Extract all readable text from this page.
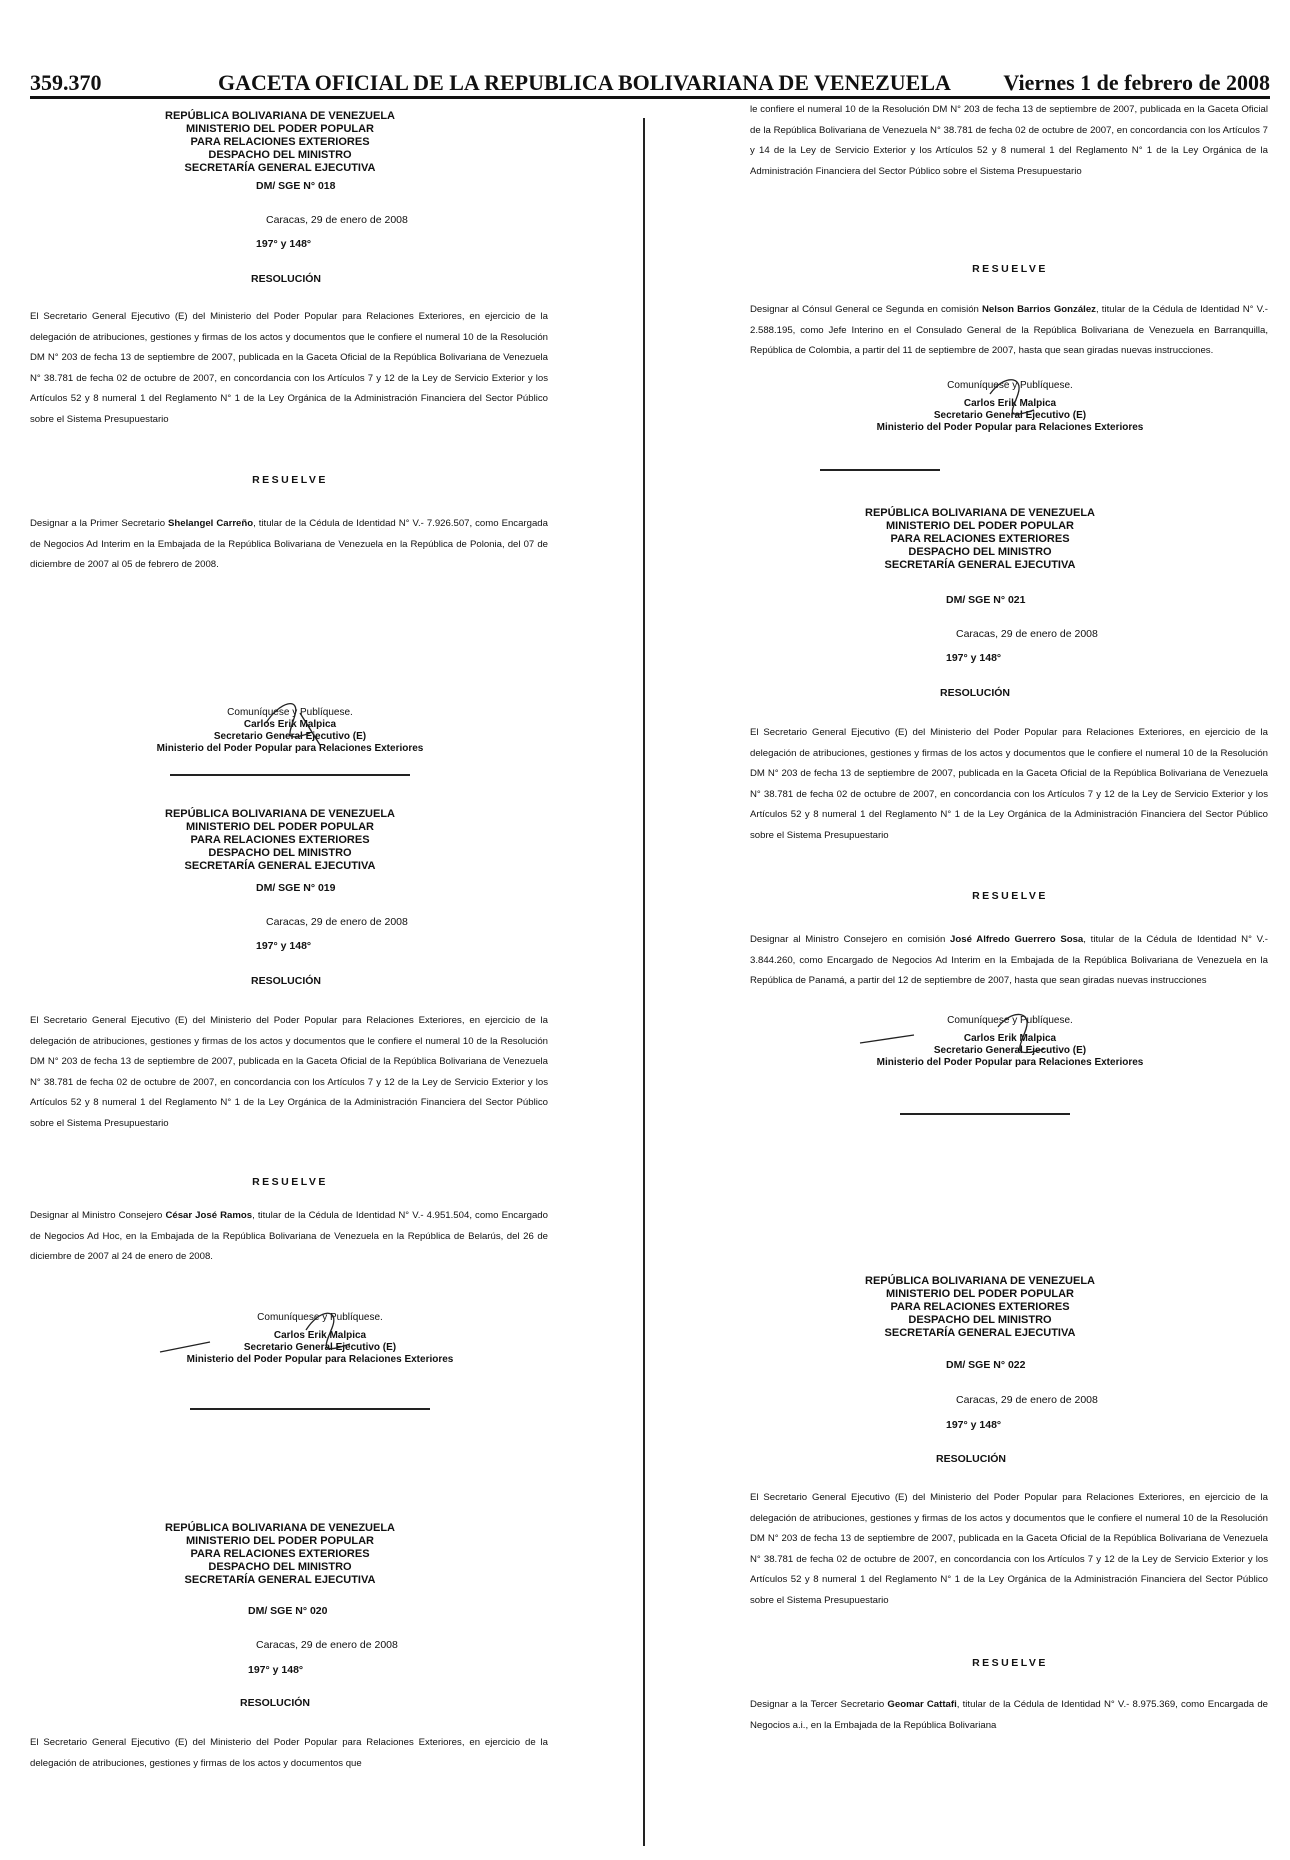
359.370	GACETA OFICIAL DE LA REPUBLICA BOLIVARIANA DE VENEZUELA Viernes 1 de febrero de 2008

REPÚBLICA BOLIVARIANA DE VENEZUELA

MINISTERIO DEL PODER POPULAR

PARA RELACIONES EXTERIORES

DESPACHO DEL MINISTRO

SECRETARÍA GENERAL EJECUTIVA

DM/ SGE N° 018

Caracas, 29 de enero de 2008

197° y 148°

RESOLUCIÓN

El Secretario General Ejecutivo (E) del Ministerio del Poder Popular para Relaciones Exteriores, en ejercicio de la delegación de atribuciones, gestiones y firmas de los actos y documentos que le confiere el numeral 10 de la Resolución DM N° 203 de fecha 13 de septiembre de 2007, publicada en la Gaceta Oficial de la República Bolivariana de Venezuela N° 38.781 de fecha 02 de octubre de 2007, en concordancia con los Artículos 7 y 12 de la Ley de Servicio Exterior y los Artículos 52 y 8 numeral 1 del Reglamento N° 1 de la Ley Orgánica de la Administración Financiera del Sector Público sobre el Sistema Presupuestario

RESUELVE

Designar a la Primer Secretario Shelangel Carreño, titular de la Cédula de Identidad N° V.- 7.926.507, como Encargada de Negocios Ad Interim en la Embajada de la República Bolivariana de Venezuela en la República de Polonia, del 07 de diciembre de 2007 al 05 de febrero de 2008.

Comuníquese y Publíquese.

Carlos Erik Malpica

Secretario General Ejecutivo (E)

Ministerio del Poder Popular para Relaciones Exteriores

REPÚBLICA BOLIVARIANA DE VENEZUELA

MINISTERIO DEL PODER POPULAR

PARA RELACIONES EXTERIORES

DESPACHO DEL MINISTRO

SECRETARÍA GENERAL EJECUTIVA

DM/ SGE N° 019

Caracas, 29 de enero de 2008

197° y 148°

RESOLUCIÓN

El Secretario General Ejecutivo (E) del Ministerio del Poder Popular para Relaciones Exteriores, en ejercicio de la delegación de atribuciones, gestiones y firmas de los actos y documentos que le confiere el numeral 10 de la Resolución DM N° 203 de fecha 13 de septiembre de 2007, publicada en la Gaceta Oficial de la República Bolivariana de Venezuela N° 38.781 de fecha 02 de octubre de 2007, en concordancia con los Artículos 7 y 12 de la Ley de Servicio Exterior y los Artículos 52 y 8 numeral 1 del Reglamento N° 1 de la Ley Orgánica de la Administración Financiera del Sector Público sobre el Sistema Presupuestario

RESUELVE

Designar al Ministro Consejero César José Ramos, titular de la Cédula de Identidad N° V.- 4.951.504, como Encargado de Negocios Ad Hoc, en la Embajada de la República Bolivariana de Venezuela en la República de Belarús, del 26 de diciembre de 2007 al 24 de enero de 2008.

Comuníquese y Publíquese.

Carlos Erik Malpica

Secretario General Ejecutivo (E)

Ministerio del Poder Popular para Relaciones Exteriores

REPÚBLICA BOLIVARIANA DE VENEZUELA

MINISTERIO DEL PODER POPULAR

PARA RELACIONES EXTERIORES

DESPACHO DEL MINISTRO

SECRETARÍA GENERAL EJECUTIVA

DM/ SGE N° 020

Caracas, 29 de enero de 2008

197° y 148°

RESOLUCIÓN

El Secretario General Ejecutivo (E) del Ministerio del Poder Popular para Relaciones Exteriores, en ejercicio de la delegación de atribuciones, gestiones y firmas de los actos y documentos que

le confiere el numeral 10 de la Resolución DM N° 203 de fecha 13 de septiembre de 2007, publicada en la Gaceta Oficial de la República Bolivariana de Venezuela N° 38.781 de fecha 02 de octubre de 2007, en concordancia con los Artículos 7 y 14 de la Ley de Servicio Exterior y los Artículos 52 y 8 numeral 1 del Reglamento N° 1 de la Ley Orgánica de la Administración Financiera del Sector Público sobre el Sistema Presupuestario

RESUELVE

Designar al Cónsul General ce Segunda en comisión Nelson Barrios González, titular de la Cédula de Identidad N° V.- 2.588.195, como Jefe Interino en el Consulado General de la República Bolivariana de Venezuela en Barranquilla, República de Colombia, a partir del 11 de septiembre de 2007, hasta que sean giradas nuevas instrucciones.

Comuníquese y Publíquese.

Carlos Erik Malpica

Secretario General Ejecutivo (E)

Ministerio del Poder Popular para Relaciones Exteriores

REPÚBLICA BOLIVARIANA DE VENEZUELA

MINISTERIO DEL PODER POPULAR

PARA RELACIONES EXTERIORES

DESPACHO DEL MINISTRO

SECRETARÍA GENERAL EJECUTIVA

DM/ SGE N° 021

Caracas, 29 de enero de 2008

197° y 148°

RESOLUCIÓN

El Secretario General Ejecutivo (E) del Ministerio del Poder Popular para Relaciones Exteriores, en ejercicio de la delegación de atribuciones, gestiones y firmas de los actos y documentos que le confiere el numeral 10 de la Resolución DM N° 203 de fecha 13 de septiembre de 2007, publicada en la Gaceta Oficial de la República Bolivariana de Venezuela N° 38.781 de fecha 02 de octubre de 2007, en concordancia con los Artículos 7 y 12 de la Ley de Servicio Exterior y los Artículos 52 y 8 numeral 1 del Reglamento N° 1 de la Ley Orgánica de la Administración Financiera del Sector Público sobre el Sistema Presupuestario

RESUELVE

Designar al Ministro Consejero en comisión José Alfredo Guerrero Sosa, titular de la Cédula de Identidad N° V.- 3.844.260, como Encargado de Negocios Ad Interim en la Embajada de la República Bolivariana de Venezuela en la República de Panamá, a partir del 12 de septiembre de 2007, hasta que sean giradas nuevas instrucciones

Comuníquese y Publíquese.

Carlos Erik Malpica

Secretario General Ejecutivo (E)

Ministerio del Poder Popular para Relaciones Exteriores

REPÚBLICA BOLIVARIANA DE VENEZUELA

MINISTERIO DEL PODER POPULAR

PARA RELACIONES EXTERIORES

DESPACHO DEL MINISTRO

SECRETARÍA GENERAL EJECUTIVA

DM/ SGE N° 022

Caracas, 29 de enero de 2008

197° y 148°

RESOLUCIÓN

El Secretario General Ejecutivo (E) del Ministerio del Poder Popular para Relaciones Exteriores, en ejercicio de la delegación de atribuciones, gestiones y firmas de los actos y documentos que le confiere el numeral 10 de la Resolución DM N° 203 de fecha 13 de septiembre de 2007, publicada en la Gaceta Oficial de la República Bolivariana de Venezuela N° 38.781 de fecha 02 de octubre de 2007, en concordancia con los Artículos 7 y 12 de la Ley de Servicio Exterior y los Artículos 52 y 8 numeral 1 del Reglamento N° 1 de la Ley Orgánica de la Administración Financiera del Sector Público sobre el Sistema Presupuestario

RESUELVE

Designar a la Tercer Secretario Geomar Cattafi, titular de la Cédula de Identidad N° V.- 8.975.369, como Encargada de Negocios a.i., en la Embajada de la República Bolivariana
